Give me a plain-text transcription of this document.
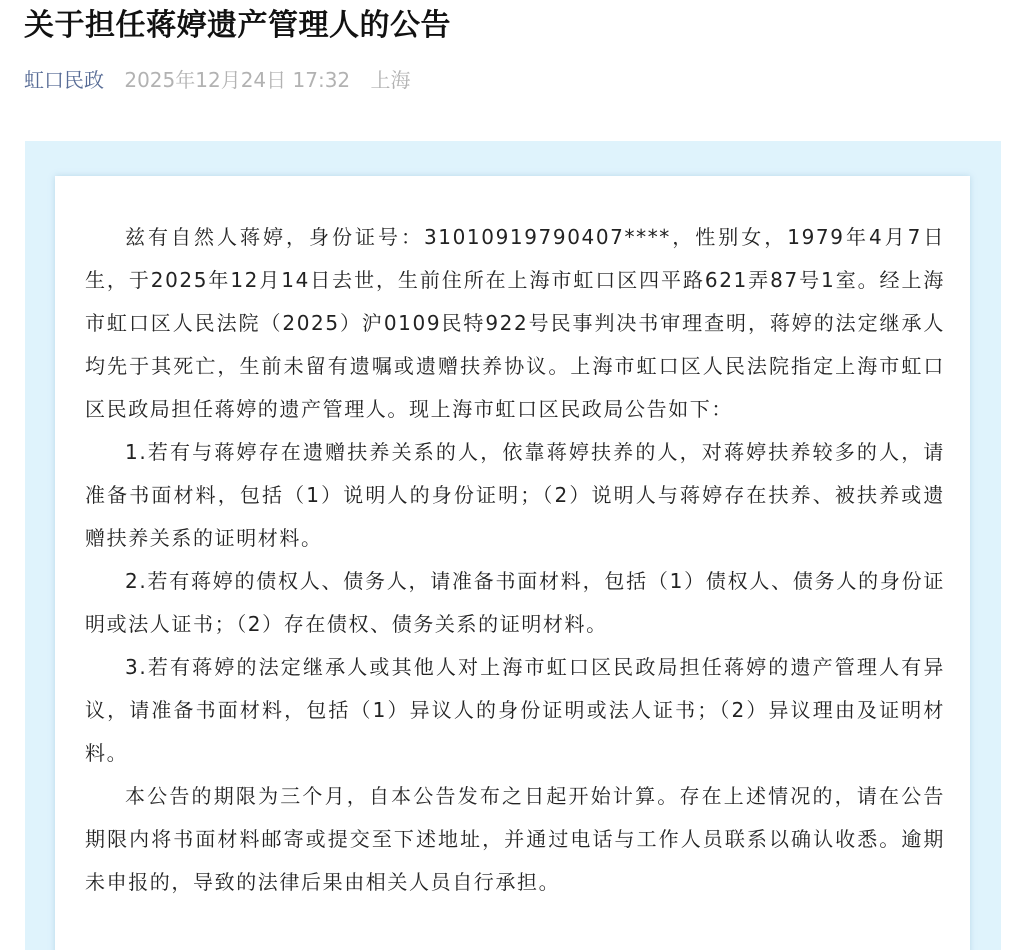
关于担任蒋婷遗产管理人的公告
虹口民政 2025年12月24日 17:32 上海

兹有自然人蒋婷，身份证号：31010919790407****，性别女，1979年4月7日生，于2025年12月14日去世，生前住所在上海市虹口区四平路621弄87号1室。经上海市虹口区人民法院（2025）沪0109民特922号民事判决书审理查明，蒋婷的法定继承人均先于其死亡，生前未留有遗嘱或遗赠扶养协议。上海市虹口区人民法院指定上海市虹口区民政局担任蒋婷的遗产管理人。现上海市虹口区民政局公告如下：

1.若有与蒋婷存在遗赠扶养关系的人，依靠蒋婷扶养的人，对蒋婷扶养较多的人，请准备书面材料，包括（1）说明人的身份证明；（2）说明人与蒋婷存在扶养、被扶养或遗赠扶养关系的证明材料。

2.若有蒋婷的债权人、债务人，请准备书面材料，包括（1）债权人、债务人的身份证明或法人证书；（2）存在债权、债务关系的证明材料。

3.若有蒋婷的法定继承人或其他人对上海市虹口区民政局担任蒋婷的遗产管理人有异议，请准备书面材料，包括（1）异议人的身份证明或法人证书；（2）异议理由及证明材料。

本公告的期限为三个月，自本公告发布之日起开始计算。存在上述情况的，请在公告期限内将书面材料邮寄或提交至下述地址，并通过电话与工作人员联系以确认收悉。逾期未申报的，导致的法律后果由相关人员自行承担。
